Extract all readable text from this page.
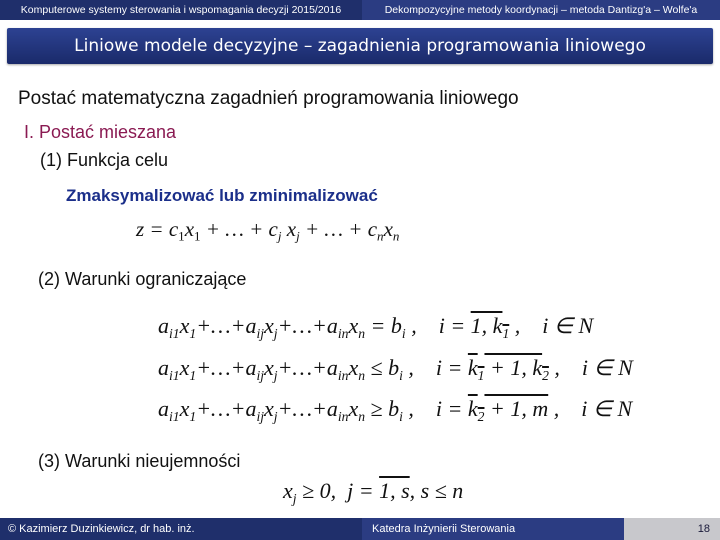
Komputerowe systemy sterowania i wspomagania decyzji 2015/2016	Dekompozycyjne metody koordynacji – metoda Dantizg'a – Wolfe'a
Liniowe modele decyzyjne – zagadnienia programowania liniowego
Postać matematyczna zagadnień programowania liniowego
I. Postać mieszana
(1) Funkcja celu
Zmaksymalizować lub zminimalizować
$z = c_1x_1$ + … + $c_j$ $x_j$ + … + $c_nx_n$
(2) Warunki ograniczające
$a_{i1}x_1+\dots+a_{ij}x_j+\dots+a_{in}x_n = b_i$ ,    i = 1, $k_1$ ,    i ∈ N
$a_{i1}x_1+\dots+a_{ij}x_j+\dots+a_{in}x_n \le b_i$ ,    $i = k_1 + 1$, $k_2$ ,    i ∈ N
$a_{i1}x_1+\dots+a_{ij}x_j+\dots+a_{in}x_n \ge b_i$ ,    $i = k_2 + 1$, m ,    i ∈ N
(3) Warunki nieujemności
$x_j \ge 0$,  j = 1, s, s ≤ n
© Kazimierz Duzinkiewicz, dr hab. inż.	Katedra Inżynierii Sterowania	18
